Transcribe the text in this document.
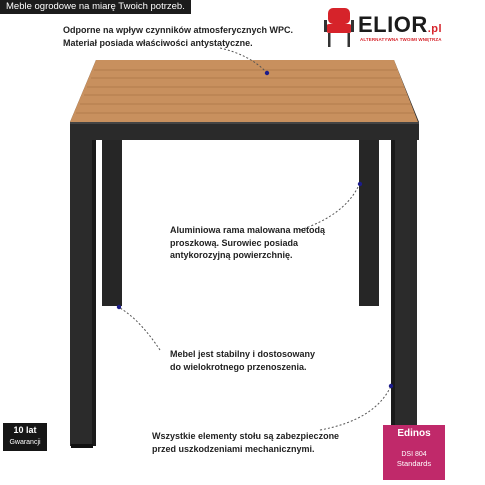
Meble ogrodowe na miarę Twoich potrzeb.
ELIOR.pl
ALTERNATYWNA TWOIMI WNĘTRZA
Odporne na wpływ czynników atmosferycznych WPC.
Materiał posiada właściwości antystatyczne.
Aluminiowa rama malowana metodą
proszkową. Surowiec posiada
antykorozyjną powierzchnię.
Mebel jest stabilny i dostosowany
do wielokrotnego przenoszenia.
Wszystkie elementy stołu są zabezpieczone
przed uszkodzeniami mechanicznymi.
10 lat
Gwarancji
Edinos
DSI 804
Standards
